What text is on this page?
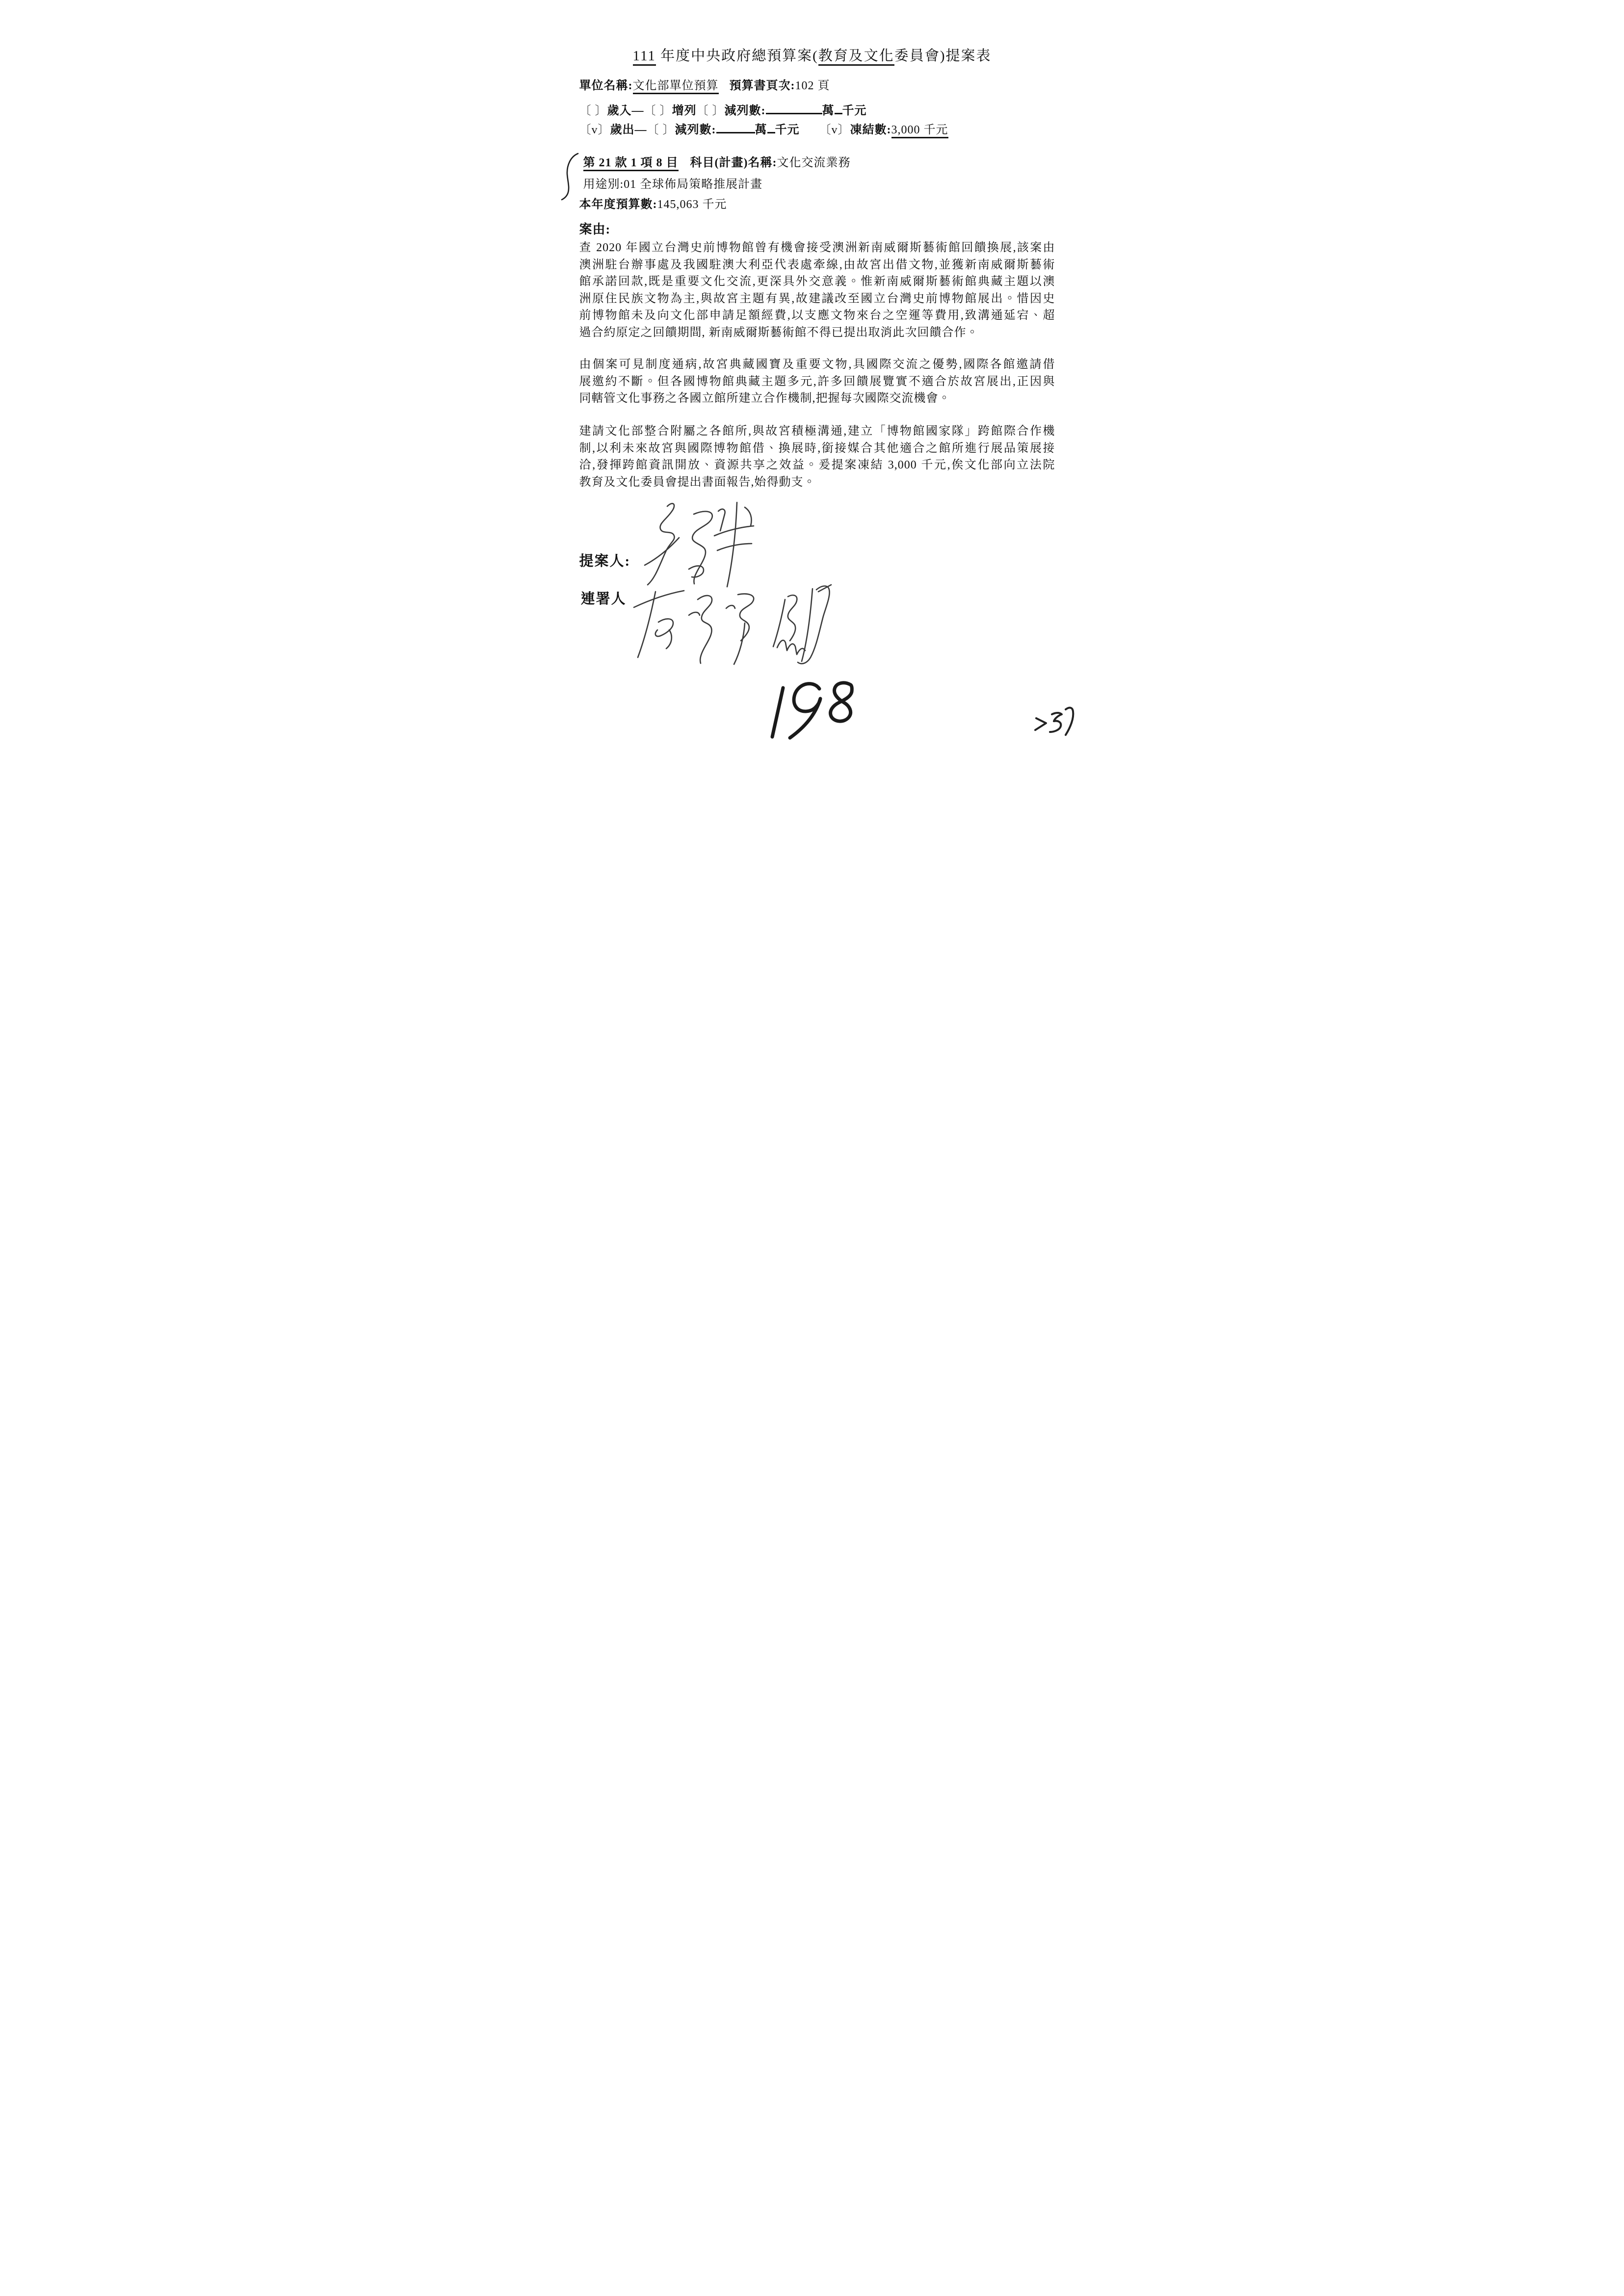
111 年度中央政府總預算案(教育及文化委員會)提案表
單位名稱:文化部單位預算 預算書頁次:102 頁
〔 〕歲入—〔 〕增列〔 〕減列數:	萬 千元
〔v〕歲出—〔 〕減列數:	萬 千元 〔v〕凍結數:3,000 千元
第 21 款 1 項 8 目 科目(計畫)名稱:文化交流業務
用途別:01 全球佈局策略推展計畫
本年度預算數:145,063 千元
案由:
查 2020 年國立台灣史前博物館曾有機會接受澳洲新南威爾斯藝術館回饋換展,該案由
澳洲駐台辦事處及我國駐澳大利亞代表處牽線,由故宮出借文物,並獲新南威爾斯藝術
館承諾回款,既是重要文化交流,更深具外交意義。惟新南威爾斯藝術館典藏主題以澳
洲原住民族文物為主,與故宮主題有異,故建議改至國立台灣史前博物館展出。惜因史
前博物館未及向文化部申請足額經費,以支應文物來台之空運等費用,致溝通延宕、超
過合約原定之回饋期間, 新南威爾斯藝術館不得已提出取消此次回饋合作。
由個案可見制度通病,故宮典藏國寶及重要文物,具國際交流之優勢,國際各館邀請借
展邀約不斷。但各國博物館典藏主題多元,許多回饋展覽實不適合於故宮展出,正因與
同轄管文化事務之各國立館所建立合作機制,把握每次國際交流機會。
建請文化部整合附屬之各館所,與故宮積極溝通,建立「博物館國家隊」跨館際合作機
制,以利未來故宮與國際博物館借、換展時,銜接媒合其他適合之館所進行展品策展接
洽,發揮跨館資訊開放、資源共享之效益。爰提案凍結 3,000 千元,俟文化部向立法院
教育及文化委員會提出書面報告,始得動支。
提案人:
連署人
